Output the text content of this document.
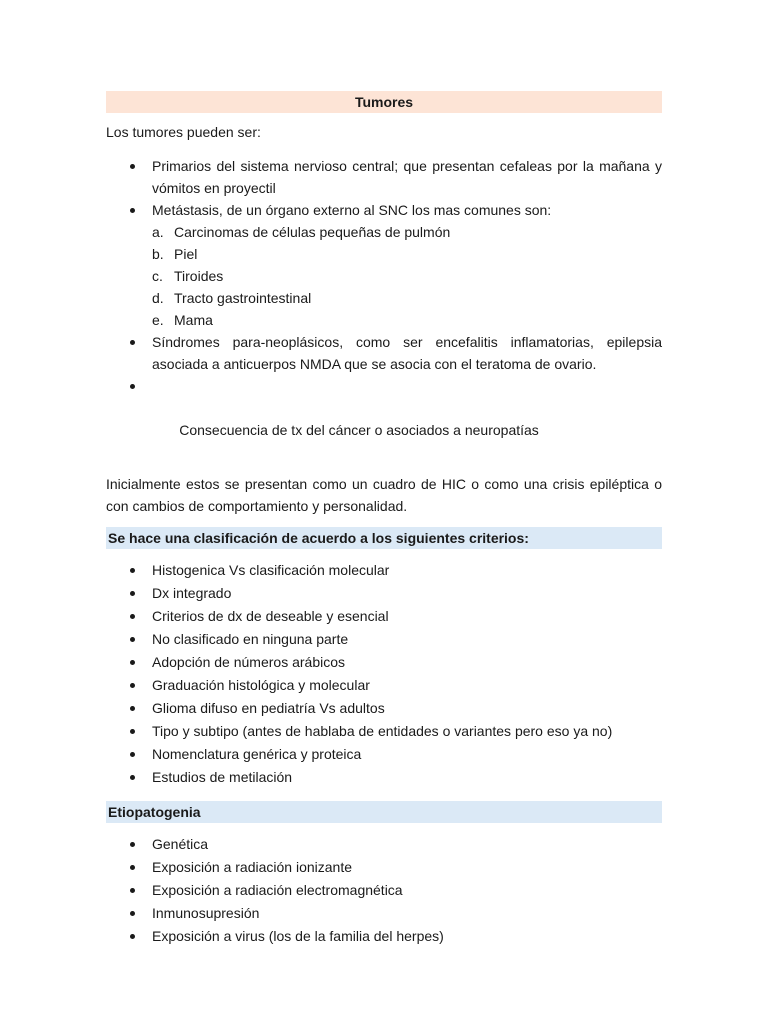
Tumores

Los tumores pueden ser:

Primarios del sistema nervioso central; que presentan cefaleas por la mañana y vómitos en proyectil
Metástasis, de un órgano externo al SNC los mas comunes son:
a. Carcinomas de células pequeñas de pulmón
b. Piel
c. Tiroides
d. Tracto gastrointestinal
e. Mama
Síndromes para-neoplásicos, como ser encefalitis inflamatorias, epilepsia asociada a anticuerpos NMDA que se asocia con el teratoma de ovario.

Consecuencia de tx del cáncer o asociados a neuropatías

Inicialmente estos se presentan como un cuadro de HIC o como una crisis epiléptica o con cambios de comportamiento y personalidad.

Se hace una clasificación de acuerdo a los siguientes criterios:
Histogenica Vs clasificación molecular
Dx integrado
Criterios de dx de deseable y esencial
No clasificado en ninguna parte
Adopción de números arábicos
Graduación histológica y molecular
Glioma difuso en pediatría Vs adultos
Tipo y subtipo (antes de hablaba de entidades o variantes pero eso ya no)
Nomenclatura genérica y proteica
Estudios de metilación
Etiopatogenia
Genética
Exposición a radiación ionizante
Exposición a radiación electromagnética
Inmunosupresión
Exposición a virus (los de la familia del herpes)
